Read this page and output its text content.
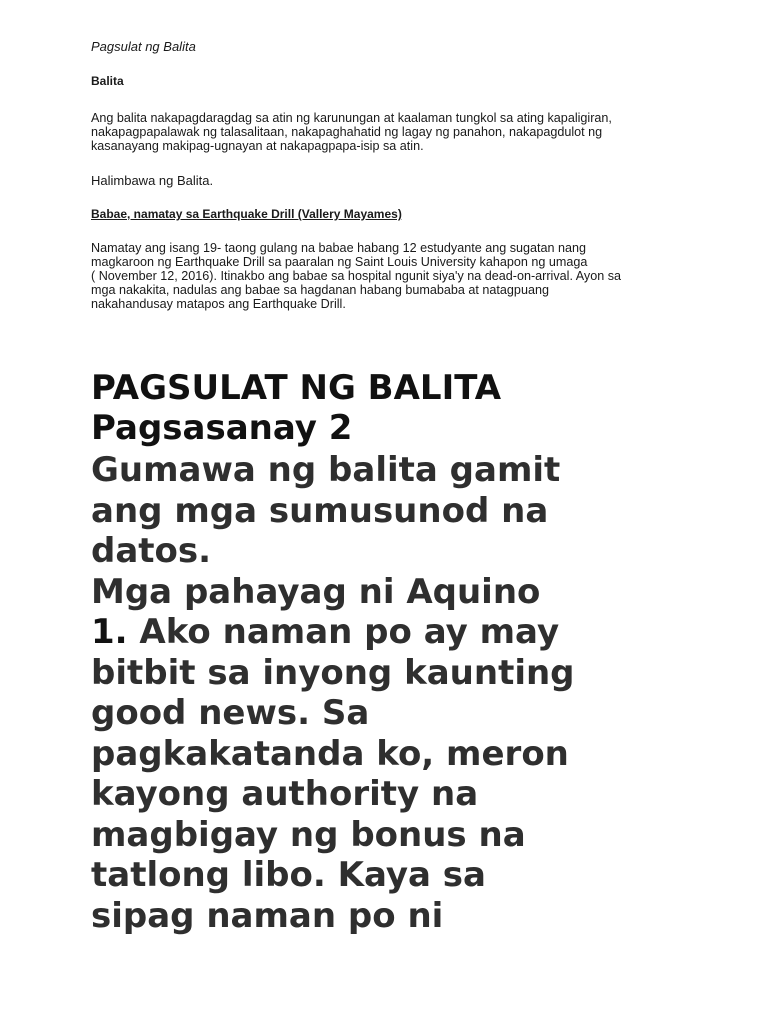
Pagsulat ng Balita

Balita

Ang balita nakapagdaragdag sa atin ng karunungan at kaalaman tungkol sa ating kapaligiran,
nakapagpapalawak ng talasalitaan, nakapaghahatid ng lagay ng panahon, nakapagdulot ng
kasanayang makipag-ugnayan at nakapagpapa-isip sa atin.

Halimbawa ng Balita.

Babae, namatay sa Earthquake Drill (Vallery Mayames)

Namatay ang isang 19- taong gulang na babae habang 12 estudyante ang sugatan nang
magkaroon ng Earthquake Drill sa paaralan ng Saint Louis University kahapon ng umaga
( November 12, 2016). Itinakbo ang babae sa hospital ngunit siya'y na dead-on-arrival. Ayon sa
mga nakakita, nadulas ang babae sa hagdanan habang bumababa at natagpuang
nakahandusay matapos ang Earthquake Drill.

PAGSULAT NG BALITA
Pagsasanay 2
Gumawa ng balita gamit
ang mga sumusunod na
datos.
Mga pahayag ni Aquino
1. Ako naman po ay may
bitbit sa inyong kaunting
good news. Sa
pagkakatanda ko, meron
kayong authority na
magbigay ng bonus na
tatlong libo. Kaya sa
sipag naman po ni
